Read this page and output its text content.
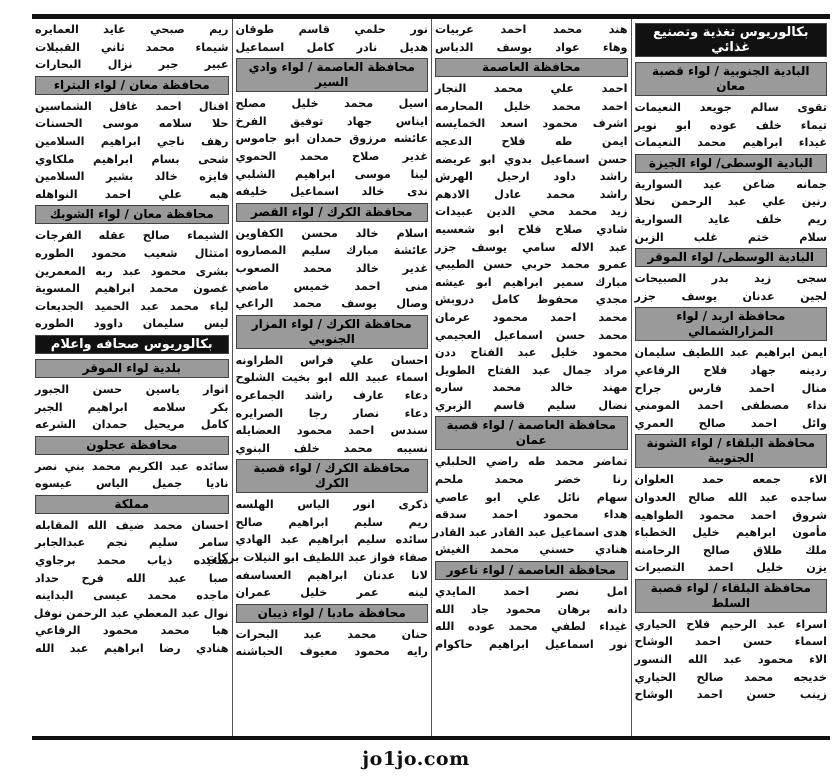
بكالوريوس تغذية وتصنيع غذائي
البادية الجنوبية / لواء قصبة معان
تقوى سالم جويعد النعيمات
تيماء خلف عوده ابو نوير
غيداء ابراهيم محمد النعيمات
البادية الوسطى/ لواء الجيزة
جمانه ضاعن عيد السوارية
رنين علي عبد الرحمن نحلا
ريم خلف عايد السوارية
سلام ختم غلب الزبن
البادية الوسطى/ لواء الموقر
سجى زيد بدر الصبيحات
لجين عدنان يوسف جزر
محافظة اربد / لواء المزارالشمالي
ايمن ابراهيم عبد اللطيف سليمان
ردينه جهاد فلاح الرفاعي
منال احمد فارس جراح
نداء مصطفى احمد المومني
وائل احمد صالح العمري
محافظة البلقاء / لواء الشونة الجنوبية
الاء جمعه حمد العلوان
ساجده عبد الله صالح العدوان
شروق احمد محمود الطواهيه
مأمون ابراهيم خليل الخطباء
ملك طلاق صالح الرحامنه
يزن خليل احمد التصيرات
محافظة البلقاء / لواء قصبة السلط
اسراء عبد الرحيم فلاح الحياري
اسماء حسن احمد الوشاح
الاء محمود عبد الله النسور
خديجه محمد صالح الحياري
زينب حسن احمد الوشاح
هند محمد احمد عربيات
وهاء عواد يوسف الدباس
محافظة العاصمة
احمد علي محمد النجار
احمد محمد خليل المحارمه
اشرف محمود اسعد الخمايسه
ايمن طه فلاح الدعجه
حسن اسماعيل بدوي ابو عريضه
راشد داود ارحيل الهرش
راشد محمد عادل الادهم
زيد محمد محي الدين عبيدات
شادي صلاح فلاح ابو شعسيه
عبد الاله سامي يوسف جزر
عمرو محمد حربي حسن الطيبي
مبارك سمير ابراهيم ابو عيشه
مجدي محفوظ كامل دروبش
محمد احمد محمود عرمان
محمد حسن اسماعيل العجيمي
محمود خليل عبد الفتاح ددن
مراد جمال عبد الفتاح الطويل
مهند خالد محمد ساره
نضال سليم قاسم الزبري
محافظة العاصمة / لواء قصبة عمان
تماضر محمد طه راضي الحلبلي
رنا خضر محمد ملحم
سهام نائل علي ابو عاصي
هداء محمود احمد سدقه
هدى اسماعيل عبد القادر عبد القادر
هنادي حسني محمد الغيش
محافظة العاصمة / لواء ناعور
امل نصر احمد المايدي
دانه برهان محمود جاد الله
غيداء لطفي محمد عوده الله
نور اسماعيل ابراهيم حاكوام
نور حلمي قاسم طوقان
هديل نادر كامل اسماعيل
محافظة العاصمة / لواء وادي السير
اسيل محمد خليل مصلح
ايناس جهاد توفيق الفرخ
عائشه مرزوق حمدان ابو جاموس
غدير صلاح محمد الحموي
لينا موسى ابراهيم الشلبي
ندى خالد اسماعيل خليفه
محافظة الكرك / لواء القصر
اسلام خالد محسن الكفاوين
عائشة مبارك سليم المصاروه
غدير خالد محمد الصعوب
منى احمد خميس ماضي
وصال يوسف محمد الراعي
محافظة الكرك / لواء المزار الجنوبي
احسان علي فراس الطراونه
اسماء عبيد الله ابو بخيت الشلوح
دعاء عارف راشد الجماعره
دعاء نصار رجا الصرايره
سندس احمد محمود العضايله
نسيبه محمد خلف البنوي
محافظة الكرك / لواء قصبة الكرك
ذكرى انور الياس الهلسه
ريم سليم ابراهيم صالح
سائده سليم ابراهيم عبد الهادي
صفاء فواز عبد اللطيف ابو النيلات بركات
لانا عدنان ابراهيم العساسفه
لينه عمر خليل عمران
محافظة مادبا / لواء ذيبان
حنان محمد عبد البحرات
رايه محمود معيوف الحباشنه
ريم صبحي عايد العمايره
شيماء محمد ثاني القبيلات
عبير جبر نزال البحارات
محافظة معان / لواء البتراء
افنال احمد غافل الشماسين
حلا سلامه موسى الحسنات
رهف ناجي ابراهيم السلامين
شحى بسام ابراهيم ملكاوي
فايزه خالد بشير السلامين
هبه علي احمد النواهله
محافظة معان / لواء الشوبك
الشيماء صالح عقله الفرجات
امتثال شعيب محمود الطوره
بشرى محمود عبد ربه المعمرين
غصون محمد ابراهيم المسوية
لياء محمد عبد الحميد الجديعات
ليس سليمان داوود الطوره
بكالوريوس صحافه واعلام
بلدية لواء الموقر
انوار ياسين حسن الجبور
بكر سلامه ابراهيم الجبر
كامل مريحيل حمدان الشرعه
محافظة عجلون
سائده عبد الكريم محمد بني نصر
ناديا جميل الياس عيسوه
مملكة
احسان محمد ضيف الله المقابله
سامر سليم نجم عبدالجابر
سعيده ذياب محمد برجاوي
صبا عبد الله فرح حداد
ماجده محمد عيسى البداينه
نوال عبد المعطي عبد الرحمن نوفل
هبا محمد محمود الرفاعي
هنادي رضا ابراهيم عبد الله
jo1jo.com
